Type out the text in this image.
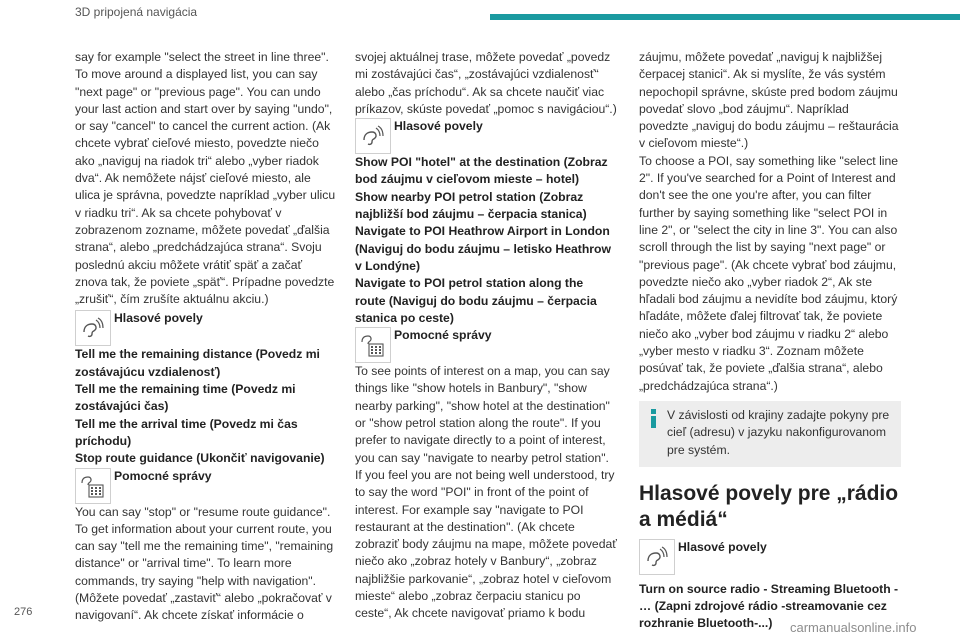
3D pripojená navigácia

say for example "select the street in line three". To move around a displayed list, you can say "next page" or "previous page". You can undo your last action and start over by saying "undo", or say "cancel" to cancel the current action. (Ak chcete vybrať cieľové miesto, povedzte niečo ako „naviguj na riadok tri“ alebo „vyber riadok dva“. Ak nemôžete nájsť cieľové miesto, ale ulica je správna, povedzte napríklad „vyber ulicu v riadku tri“. Ak sa chcete pohybovať v zobrazenom zozname, môžete povedať „ďalšia strana“, alebo „predchádzajúca strana“. Svoju poslednú akciu môžete vrátiť späť a začať znova tak, že poviete „späť“. Prípadne povedzte „zrušiť“, čím zrušíte aktuálnu akciu.)

Hlasové povely

Tell me the remaining distance (Povedz mi zostávajúcu vzdialenosť)

Tell me the remaining time (Povedz mi zostávajúci čas)

Tell me the arrival time (Povedz mi čas príchodu)

Stop route guidance (Ukončiť navigovanie)

Pomocné správy

You can say "stop" or "resume route guidance". To get information about your current route, you can say "tell me the remaining time", "remaining distance" or "arrival time". To learn more commands, try saying "help with navigation". (Môžete povedať „zastaviť“ alebo „pokračovať v navigovaní“. Ak chcete získať informácie o

svojej aktuálnej trase, môžete povedať „povedz mi zostávajúci čas“, „zostávajúci vzdialenosť“ alebo „čas príchodu“. Ak sa chcete naučiť viac príkazov, skúste povedať „pomoc s navigáciou“.)

Hlasové povely

Show POI "hotel" at the destination (Zobraz bod záujmu v cieľovom mieste – hotel)

Show nearby POI petrol station (Zobraz najbližší bod záujmu – čerpacia stanica)

Navigate to POI Heathrow Airport in London (Naviguj do bodu záujmu – letisko Heathrow v Londýne)

Navigate to POI petrol station along the route (Naviguj do bodu záujmu – čerpacia stanica po ceste)

Pomocné správy

To see points of interest on a map, you can say things like "show hotels in Banbury", "show nearby parking", "show hotel at the destination" or "show petrol station along the route". If you prefer to navigate directly to a point of interest, you can say "navigate to nearby petrol station". If you feel you are not being well understood, try to say the word "POI" in front of the point of interest. For example say "navigate to POI restaurant at the destination". (Ak chcete zobraziť body záujmu na mape, môžete povedať niečo ako „zobraz hotely v Banbury“, „zobraz najbližšie parkovanie“, „zobraz hotel v cieľovom mieste“ alebo „zobraz čerpaciu stanicu po ceste“, Ak chcete navigovať priamo k bodu

záujmu, môžete povedať „naviguj k najbližšej čerpacej stanici“. Ak si myslíte, že vás systém nepochopil správne, skúste pred bodom záujmu povedať slovo „bod záujmu“. Napríklad povedzte „naviguj do bodu záujmu – reštaurácia v cieľovom mieste“.)

To choose a POI, say something like "select line 2". If you've searched for a Point of Interest and don't see the one you're after, you can filter further by saying something like "select POI in line 2", or "select the city in line 3". You can also scroll through the list by saying "next page" or "previous page". (Ak chcete vybrať bod záujmu, povedzte niečo ako „vyber riadok 2“, Ak ste hľadali bod záujmu a nevidíte bod záujmu, ktorý hľadáte, môžete ďalej filtrovať tak, že poviete niečo ako „vyber bod záujmu v riadku 2“ alebo „vyber mesto v riadku 3“. Zoznam môžete posúvať tak, že poviete „ďalšia strana“, alebo „predchádzajúca strana“.)

V závislosti od krajiny zadajte pokyny pre cieľ (adresu) v jazyku nakonfigurovanom pre systém.
Hlasové povely pre „rádio a médiá“
Hlasové povely

Turn on source radio - Streaming Bluetooth - … (Zapni zdrojové rádio -streamovanie cez rozhranie Bluetooth-...)

276
carmanualsonline.info
